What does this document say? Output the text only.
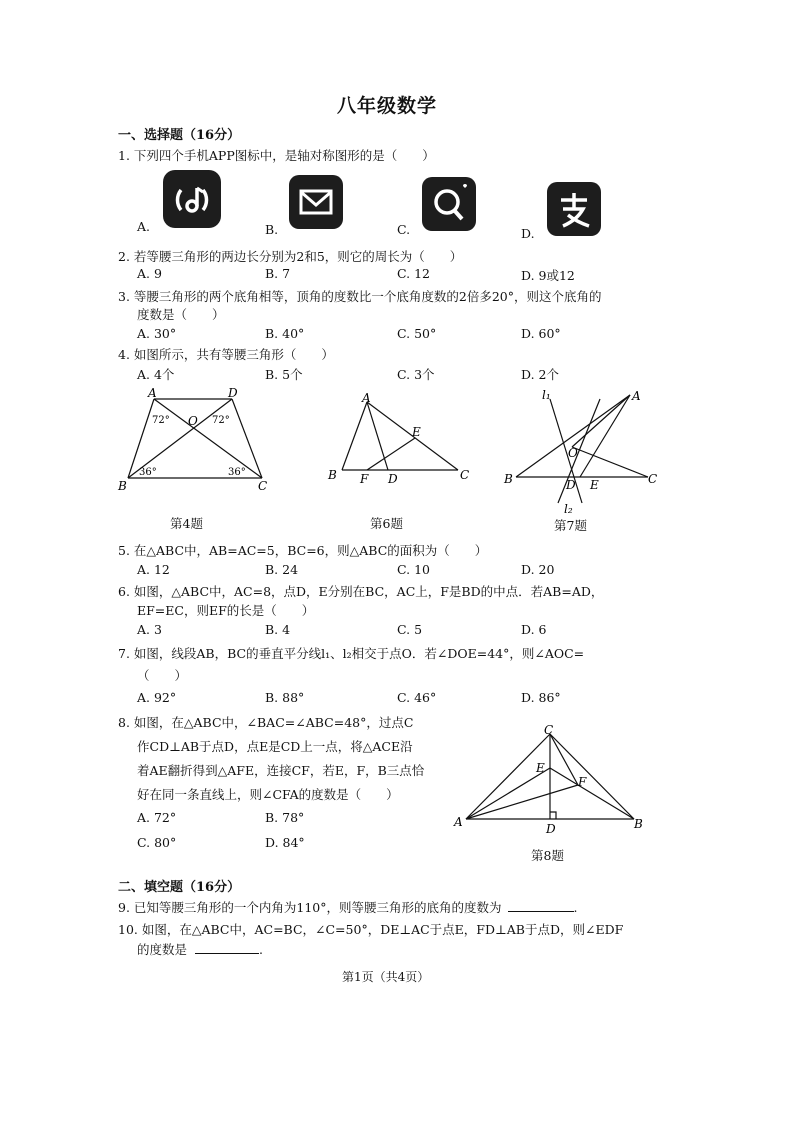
八年级数学
一、选择题（16分）
1. 下列四个手机APP图标中，是轴对称图形的是（　　）
A.	B.	C.	D.
2. 若等腰三角形的两边长分别为2和5，则它的周长为（　　）
A. 9	B. 7	C. 12	D. 9或12
3. 等腰三角形的两个底角相等，顶角的度数比一个底角度数的2倍多20°，则这个底角的
度数是（　　）
A. 30°	B. 40°	C. 50°	D. 60°
4. 如图所示，共有等腰三角形（　　）
A. 4个	B. 5个	C. 3个	D. 2个
A	D
O
B	C
72°	72°
36°	36°
第4题
A
E
B F D	C
第6题
l₁	A
O
B	D E	C
l₂
第7题
5. 在△ABC中，AB=AC=5，BC=6，则△ABC的面积为（　　）
A. 12	B. 24	C. 10	D. 20
6. 如图，△ABC中，AC=8，点D，E分别在BC，AC上，F是BD的中点．若AB=AD，
EF=EC，则EF的长是（　　）
A. 3	B. 4	C. 5	D. 6
7. 如图，线段AB，BC的垂直平分线l₁、l₂相交于点O．若∠DOE=44°，则∠AOC=
（　　）
A. 92°	B. 88°	C. 46°	D. 86°
8. 如图，在△ABC中，∠BAC=∠ABC=48°，过点C
作CD⊥AB于点D，点E是CD上一点，将△ACE沿
着AE翻折得到△AFE，连接CF，若E，F，B三点恰
好在同一条直线上，则∠CFA的度数是（　　）
A. 72°	B. 78°
C. 80°	D. 84°
C
E
F
A	D	B
第8题
二、填空题（16分）
9. 已知等腰三角形的一个内角为110°，则等腰三角形的底角的度数为	.
10. 如图，在△ABC中，AC=BC，∠C=50°，DE⊥AC于点E，FD⊥AB于点D，则∠EDF
的度数是	.
第1页（共4页）
